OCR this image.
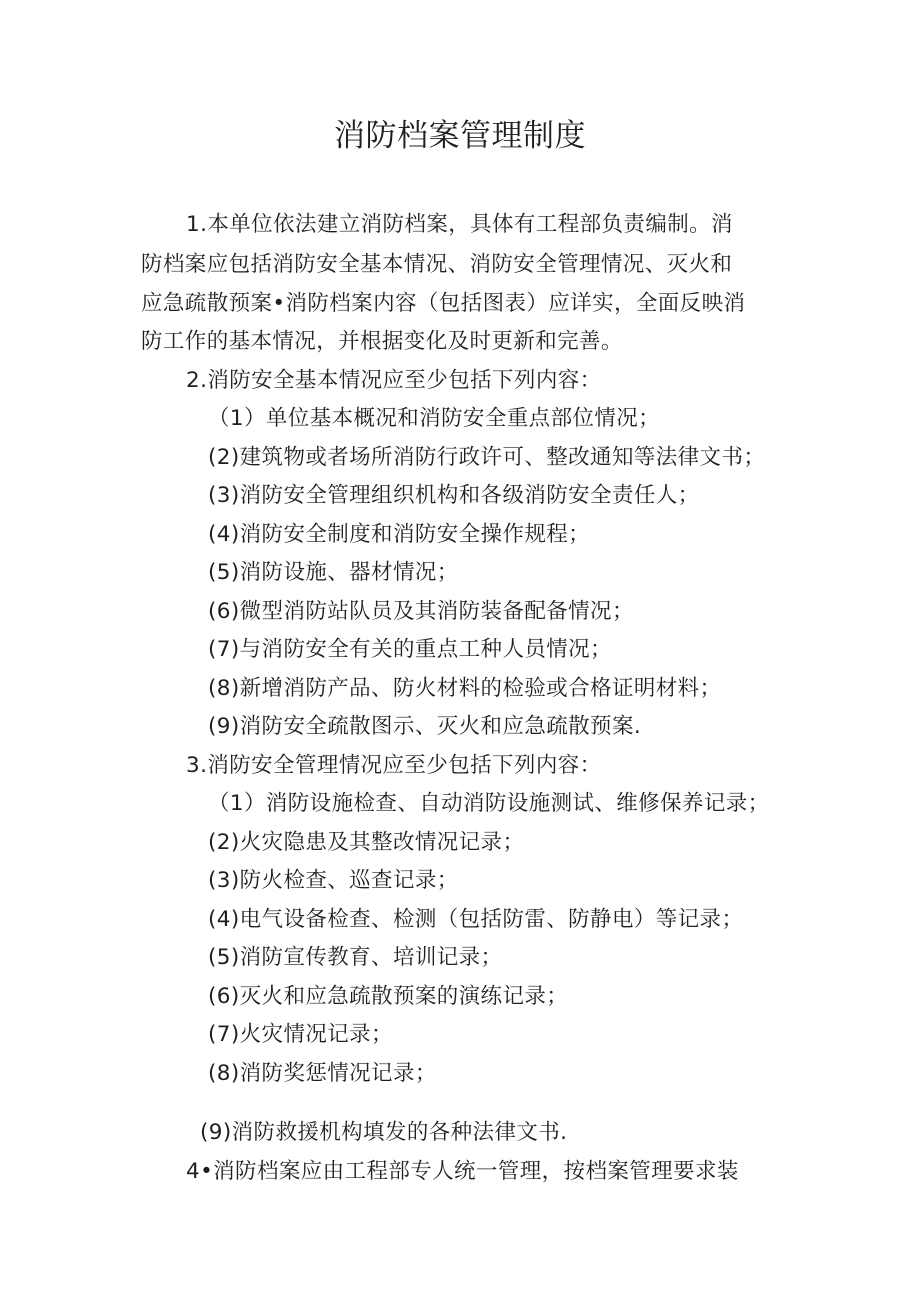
消防档案管理制度
1.本单位依法建立消防档案，具体有工程部负责编制。消
防档案应包括消防安全基本情况、消防安全管理情况、灭火和
应急疏散预案•消防档案内容（包括图表）应详实，全面反映消
防工作的基本情况，并根据变化及时更新和完善。
2.消防安全基本情况应至少包括下列内容：
（1）单位基本概况和消防安全重点部位情况；
(2)建筑物或者场所消防行政许可、整改通知等法律文书；
(3)消防安全管理组织机构和各级消防安全责任人；
(4)消防安全制度和消防安全操作规程；
(5)消防设施、器材情况；
(6)微型消防站队员及其消防装备配备情况；
(7)与消防安全有关的重点工种人员情况；
(8)新增消防产品、防火材料的检验或合格证明材料；
(9)消防安全疏散图示、灭火和应急疏散预案.
3.消防安全管理情况应至少包括下列内容：
（1）消防设施检查、自动消防设施测试、维修保养记录；
(2)火灾隐患及其整改情况记录；
(3)防火检查、巡查记录；
(4)电气设备检查、检测（包括防雷、防静电）等记录；
(5)消防宣传教育、培训记录；
(6)灭火和应急疏散预案的演练记录；
(7)火灾情况记录；
(8)消防奖惩情况记录；
(9)消防救援机构填发的各种法律文书.
4•消防档案应由工程部专人统一管理，按档案管理要求装
